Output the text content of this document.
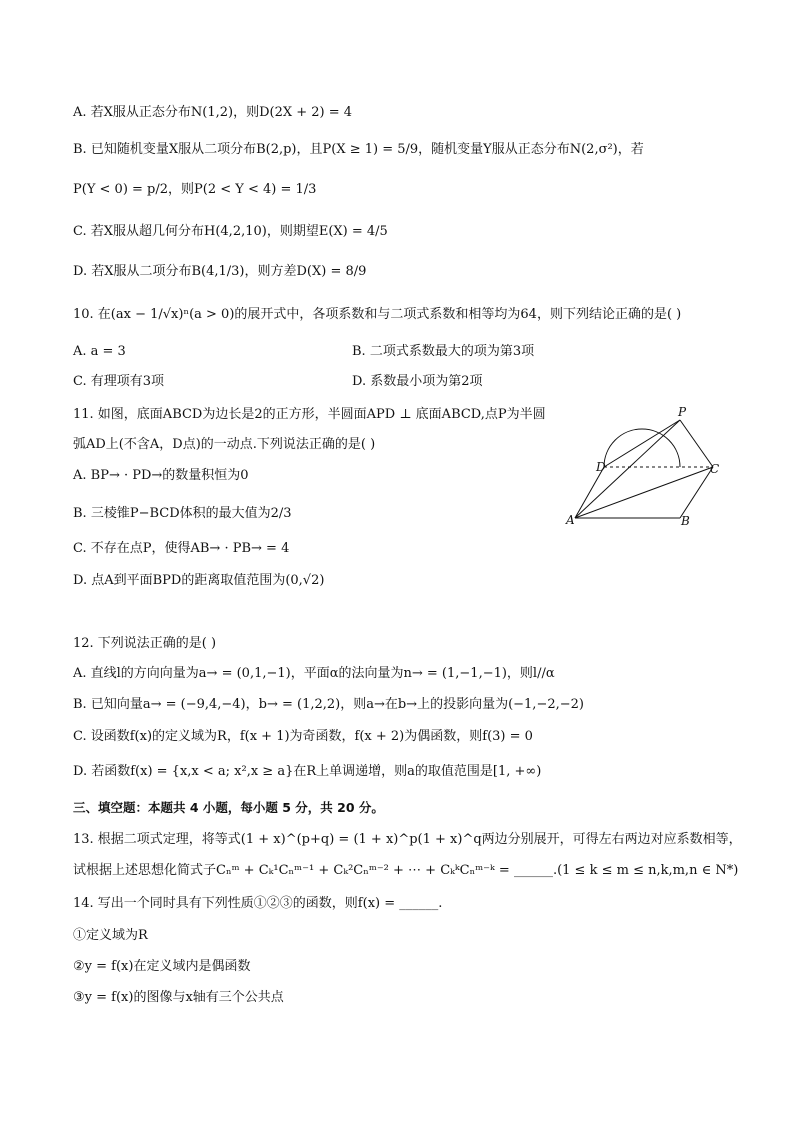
A. 若X服从正态分布N(1,2)，则D(2X + 2) = 4
B. 已知随机变量X服从二项分布B(2,p)，且P(X ≥ 1) = 5/9，随机变量Y服从正态分布N(2,σ²)，若
P(Y < 0) = p/2，则P(2 < Y < 4) = 1/3
C. 若X服从超几何分布H(4,2,10)，则期望E(X) = 4/5
D. 若X服从二项分布B(4,1/3)，则方差D(X) = 8/9
10. 在(ax − 1/√x)ⁿ(a > 0)的展开式中，各项系数和与二项式系数和相等均为64，则下列结论正确的是( )
A. a = 3	B. 二项式系数最大的项为第3项
C. 有理项有3项	D. 系数最小项为第2项
11. 如图，底面ABCD为边长是2的正方形，半圆面APD ⊥ 底面ABCD,点P为半圆
弧AD上(不含A，D点)的一动点.下列说法正确的是( )
A. BP→ · PD→的数量积恒为0
B. 三棱锥P−BCD体积的最大值为2/3
C. 不存在点P，使得AB→ · PB→ = 4
D. 点A到平面BPD的距离取值范围为(0,√2)
P
D	C
A	B
12. 下列说法正确的是( )
A. 直线l的方向向量为a→ = (0,1,−1)，平面α的法向量为n→ = (1,−1,−1)，则l//α
B. 已知向量a→ = (−9,4,−4)，b→ = (1,2,2)，则a→在b→上的投影向量为(−1,−2,−2)
C. 设函数f(x)的定义域为R，f(x + 1)为奇函数，f(x + 2)为偶函数，则f(3) = 0
D. 若函数f(x) = {x,x < a; x²,x ≥ a}在R上单调递增，则a的取值范围是[1, +∞)
三、填空题：本题共 4 小题，每小题 5 分，共 20 分。
13. 根据二项式定理，将等式(1 + x)^(p+q) = (1 + x)^p(1 + x)^q两边分别展开，可得左右两边对应系数相等，
试根据上述思想化简式子Cₙᵐ + Cₖ¹Cₙᵐ⁻¹ + Cₖ²Cₙᵐ⁻² + ⋯ + CₖᵏCₙᵐ⁻ᵏ = ______.(1 ≤ k ≤ m ≤ n,k,m,n ∈ N*)
14. 写出一个同时具有下列性质①②③的函数，则f(x) = ______.
①定义域为R
②y = f(x)在定义域内是偶函数
③y = f(x)的图像与x轴有三个公共点
